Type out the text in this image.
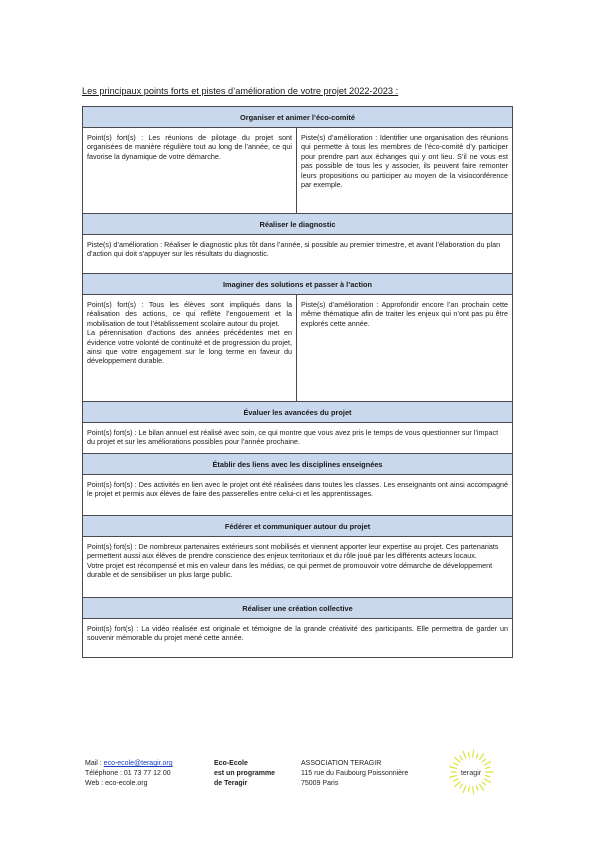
Les principaux points forts et pistes d’amélioration de votre projet 2022-2023 :
Organiser et animer l’éco-comité	
Point(s) fort(s) : Les réunions de pilotage du projet sont organisées de manière régulière tout au long de l’année, ce qui favorise la dynamique de votre démarche.	Piste(s) d’amélioration : Identifier une organisation des réunions qui permette à tous les membres de l’éco-comité d’y participer pour prendre part aux échanges qui y ont lieu. S’il ne vous est pas possible de tous les y associer, ils peuvent faire remonter leurs propositions ou participer au moyen de la visioconférence par exemple.
Réaliser le diagnostic	
Piste(s) d’amélioration : Réaliser le diagnostic plus tôt dans l’année, si possible au premier trimestre, et avant l’élaboration du plan d’action qui doit s’appuyer sur les résultats du diagnostic.	
Imaginer des solutions et passer à l’action	
Point(s) fort(s) : Tous les élèves sont impliqués dans la réalisation des actions, ce qui reflète l’engouement et la mobilisation de tout l’établissement scolaire autour du projet.
La pérennisation d’actions des années précédentes met en évidence votre volonté de continuité et de progression du projet, ainsi que votre engagement sur le long terme en faveur du développement durable.	Piste(s) d’amélioration : Approfondir encore l’an prochain cette même thématique afin de traiter les enjeux qui n’ont pas pu être explorés cette année.
Évaluer les avancées du projet	
Point(s) fort(s) : Le bilan annuel est réalisé avec soin, ce qui montre que vous avez pris le temps de vous questionner sur l’impact du projet et sur les améliorations possibles pour l’année prochaine.	
Établir des liens avec les disciplines enseignées	
Point(s) fort(s) : Des activités en lien avec le projet ont été réalisées dans toutes les classes. Les enseignants ont ainsi accompagné le projet et permis aux élèves de faire des passerelles entre celui-ci et les apprentissages.	
Fédérer et communiquer autour du projet	
Point(s) fort(s) : De nombreux partenaires extérieurs sont mobilisés et viennent apporter leur expertise au projet. Ces partenariats permettent aussi aux élèves de prendre conscience des enjeux territoriaux et du rôle joué par les différents acteurs locaux.
Votre projet est récompensé et mis en valeur dans les médias, ce qui permet de promouvoir votre démarche de développement durable et de sensibiliser un plus large public.	
Réaliser une création collective	
Point(s) fort(s) : La vidéo réalisée est originale et témoigne de la grande créativité des participants. Elle permettra de garder un souvenir mémorable du projet mené cette année.	
Mail : eco-ecole@teragir.org
Téléphone : 01 73 77 12 00
Web : eco-ecole.org
Eco-Ecole
est un programme
de Teragir
ASSOCIATION TERAGIR
115 rue du Faubourg Poissonnière
75009 Paris
teragir
